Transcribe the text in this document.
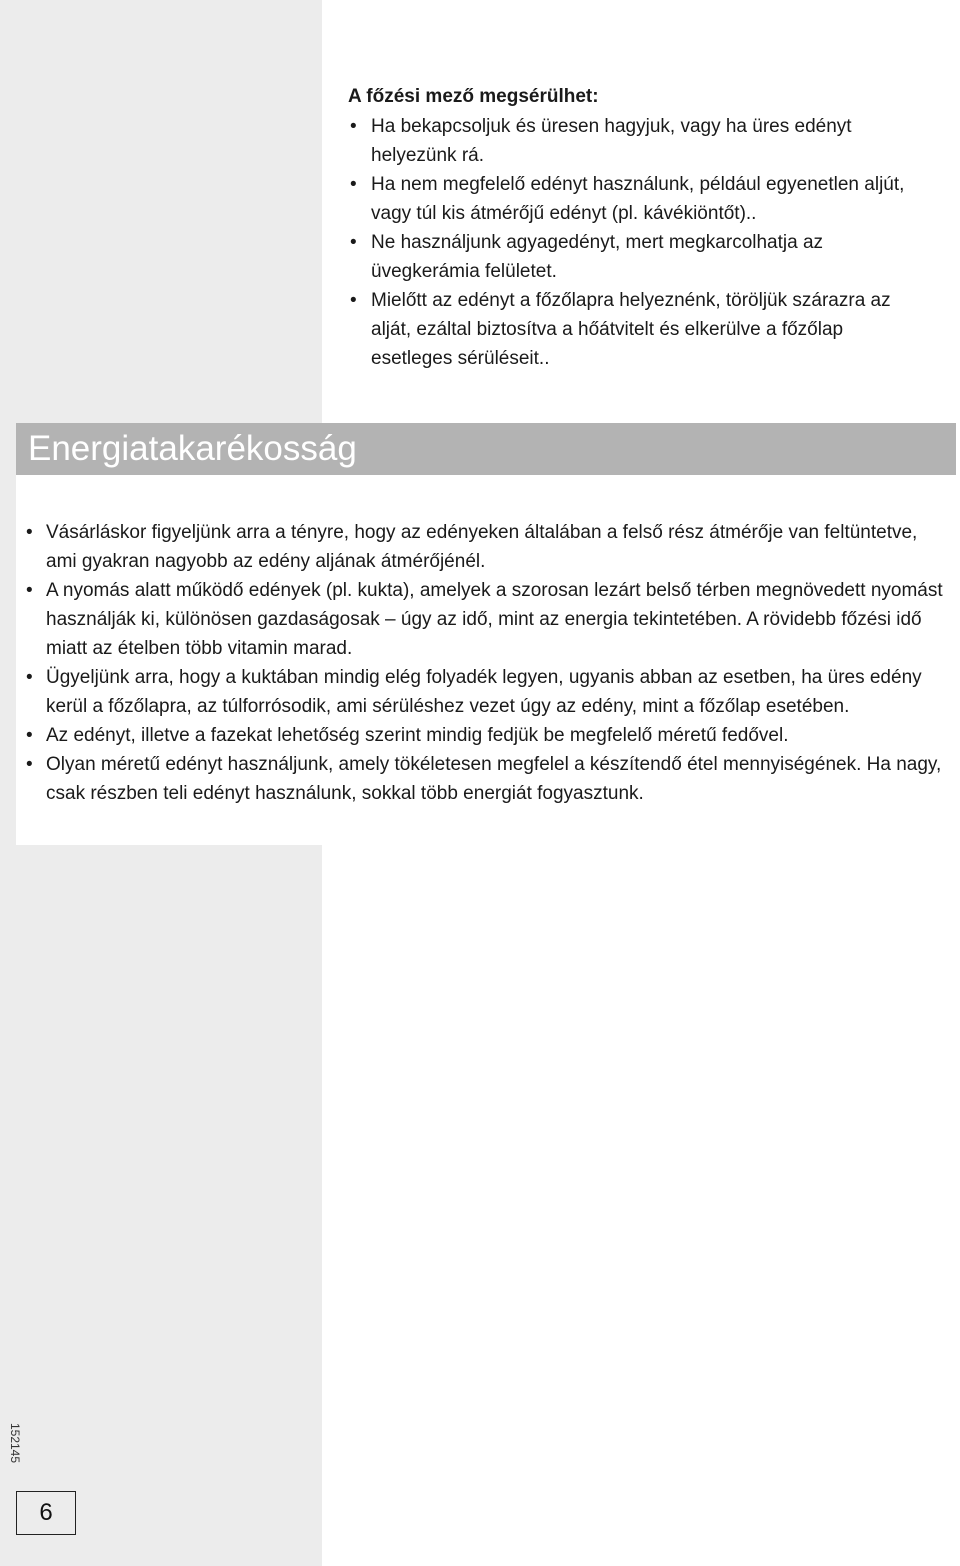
A főzési mező megsérülhet:

• Ha bekapcsoljuk és üresen hagyjuk, vagy ha üres edényt helyezünk rá.
• Ha nem megfelelő edényt használunk, például egyenetlen aljút, vagy túl kis átmérőjű edényt (pl. kávékiöntőt)..
• Ne használjunk agyagedényt, mert megkarcolhatja az üvegkerámia felületet.
• Mielőtt az edényt a főzőlapra helyeznénk, töröljük szárazra az alját, ezáltal biztosítva a hőátvitelt és elkerülve a főzőlap esetleges sérüléseit..
Energiatakarékosság
• Vásárláskor figyeljünk arra a tényre, hogy az edényeken általában a felső rész átmérője van feltüntetve, ami gyakran nagyobb az edény aljának átmérőjénél.
• A nyomás alatt működő edények (pl. kukta), amelyek a szorosan lezárt belső térben megnövedett nyomást használják ki, különösen gazdaságosak – úgy az idő, mint az energia tekintetében. A rövidebb főzési idő miatt az ételben több vitamin marad.
• Ügyeljünk arra, hogy a kuktában mindig elég folyadék legyen, ugyanis abban az esetben, ha üres edény kerül a főzőlapra, az túlforrósodik, ami sérüléshez vezet úgy az edény, mint a főzőlap esetében.
• Az edényt, illetve a fazekat lehetőség szerint mindig fedjük be megfelelő méretű fedővel.
• Olyan méretű edényt használjunk, amely tökéletesen megfelel a készítendő étel mennyiségének. Ha nagy, csak részben teli edényt használunk, sokkal több energiát fogyasztunk.
152145
6
